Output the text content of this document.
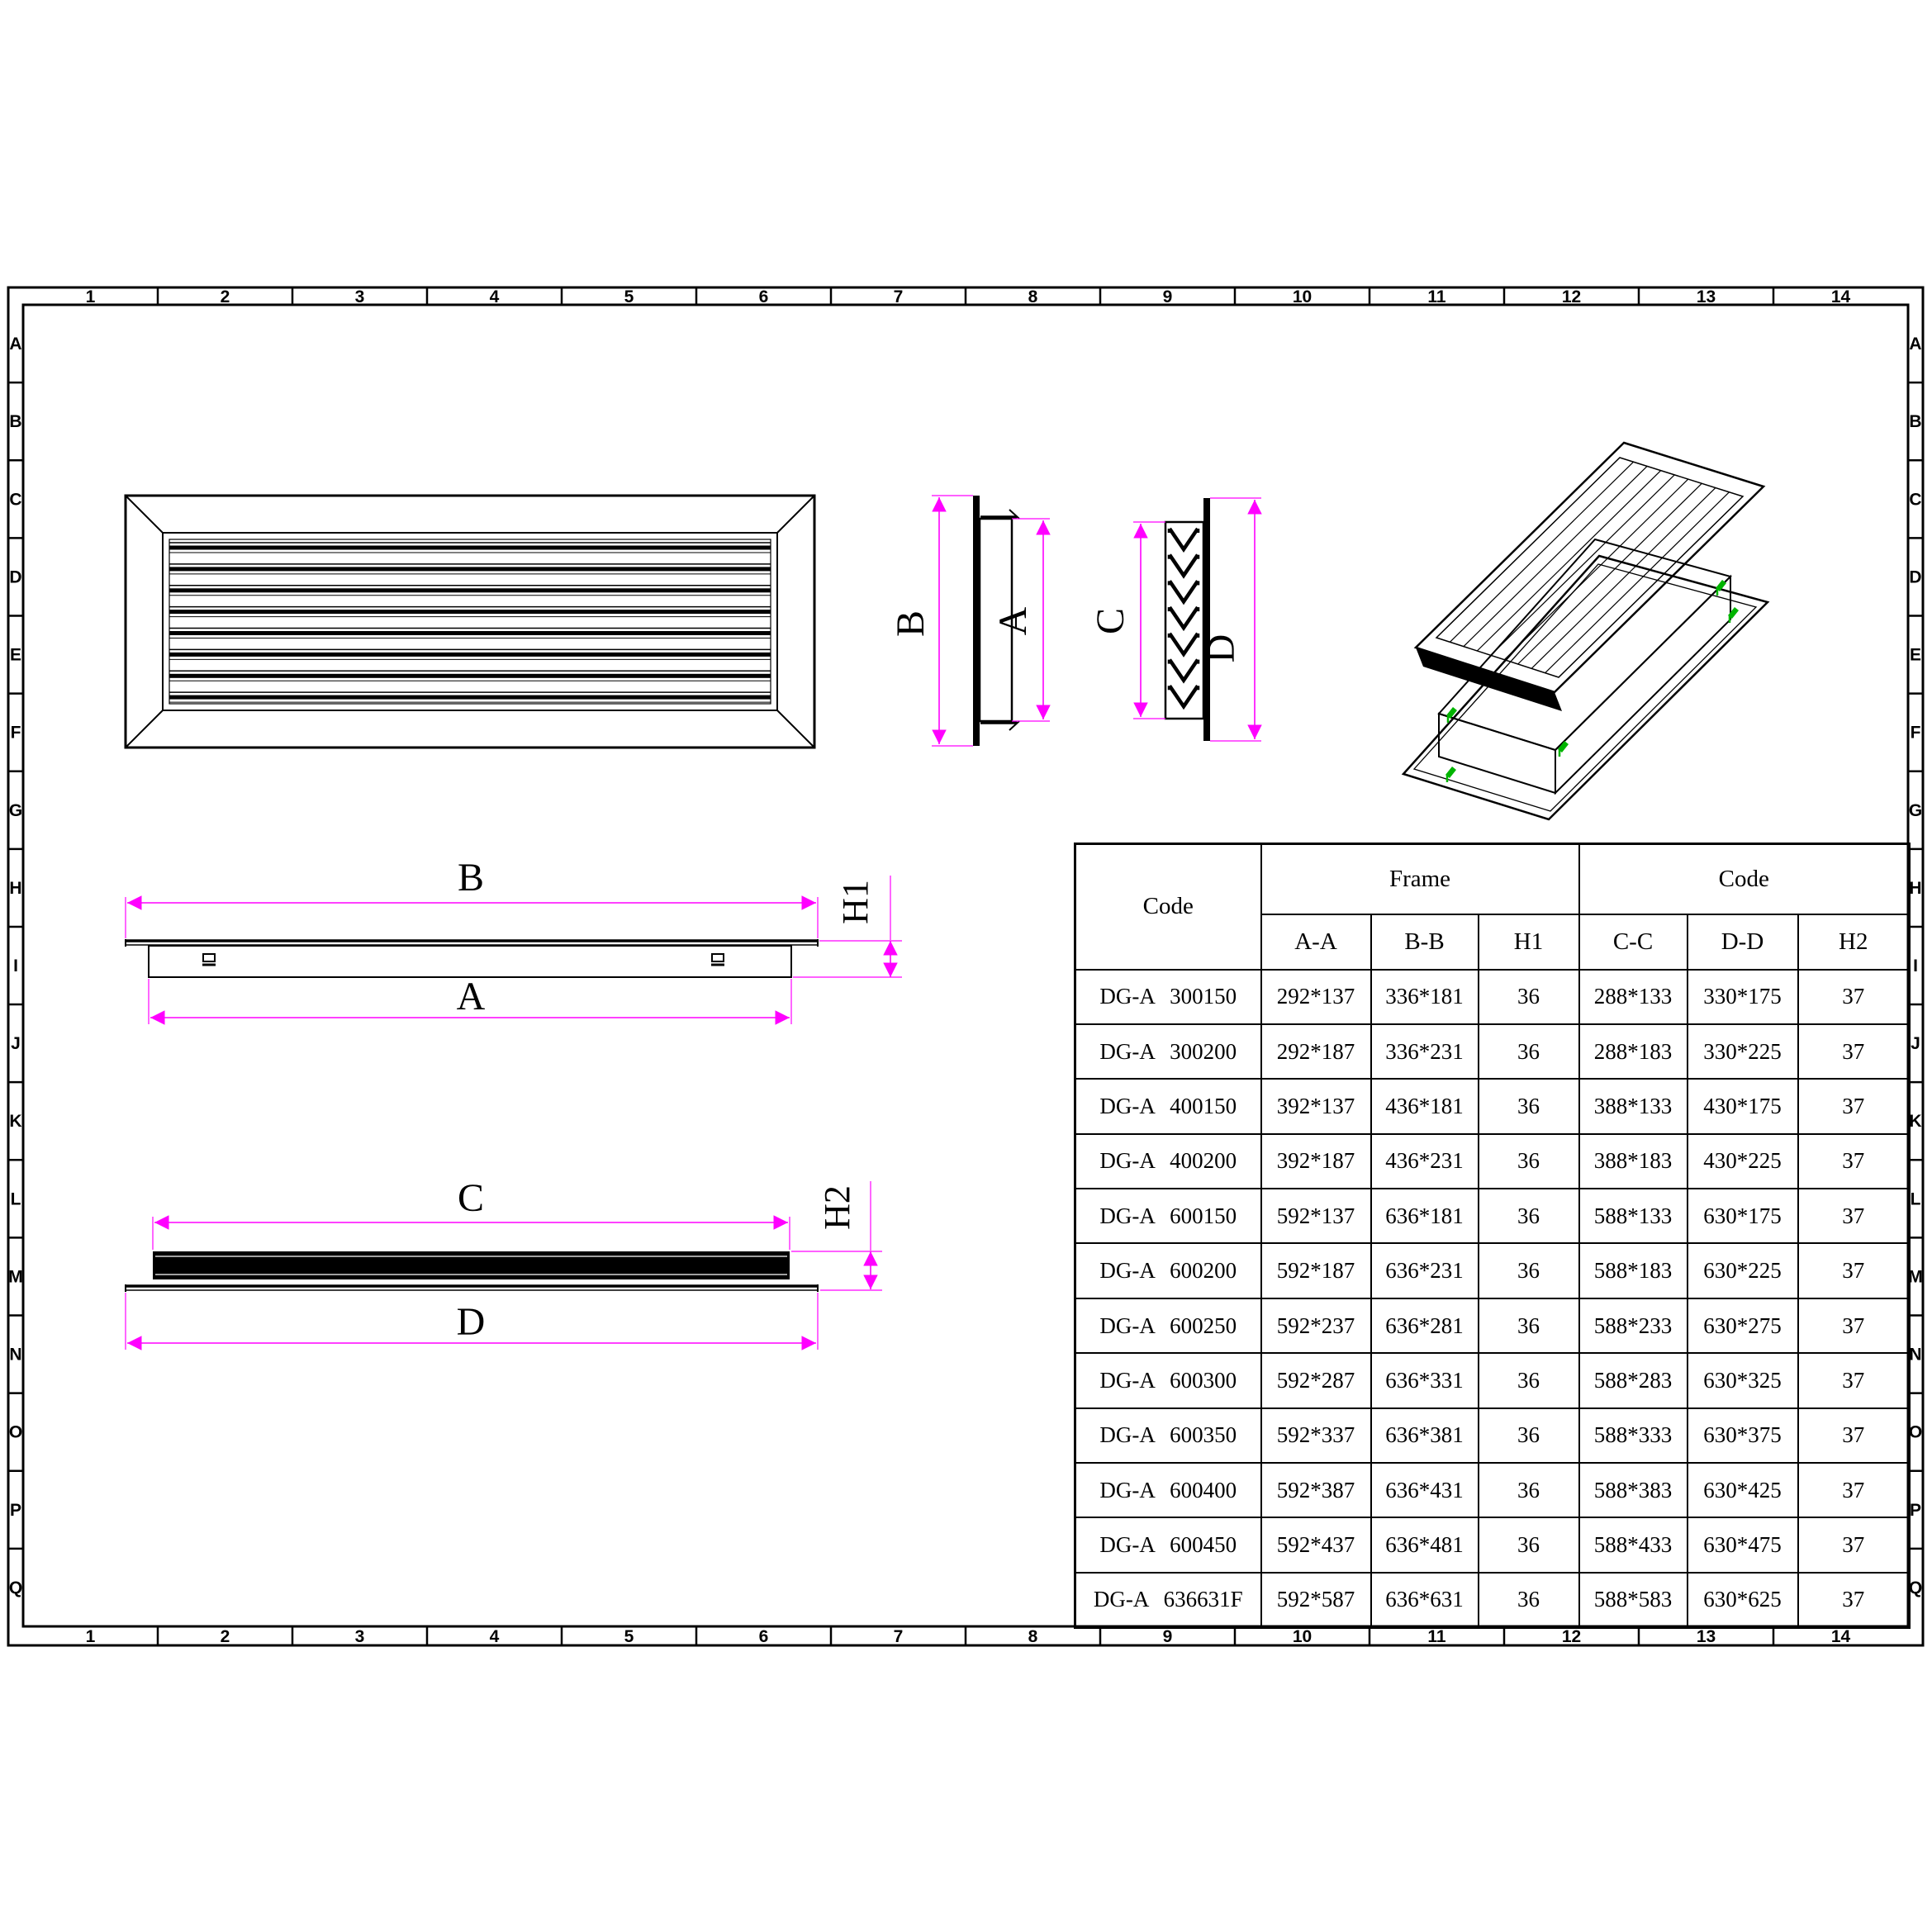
1
1
2
2
3
3
4
4
5
5
6
6
7
7
8
8
9
9
10
10
11
11
12
12
13
13
14
14
A	A
B	B
C	C
D	D
E	E
F	F
G	G
H	H
I	I
J	J
K	K
L	L
M	M
N	N
O	O
P	P
Q	Q
B A C
D
B
A
H1
C
D
H2
Code	Frame			Code		
	A-A	B-B	H1	C-C	D-D	H2
DG-A 300150	292*137	336*181	36	288*133	330*175	37
DG-A 300200	292*187	336*231	36	288*183	330*225	37
DG-A 400150	392*137	436*181	36	388*133	430*175	37
DG-A 400200	392*187	436*231	36	388*183	430*225	37
DG-A 600150	592*137	636*181	36	588*133	630*175	37
DG-A 600200	592*187	636*231	36	588*183	630*225	37
DG-A 600250	592*237	636*281	36	588*233	630*275	37
DG-A 600300	592*287	636*331	36	588*283	630*325	37
DG-A 600350	592*337	636*381	36	588*333	630*375	37
DG-A 600400	592*387	636*431	36	588*383	630*425	37
DG-A 600450	592*437	636*481	36	588*433	630*475	37
DG-A 636631F	592*587	636*631	36	588*583	630*625	37
